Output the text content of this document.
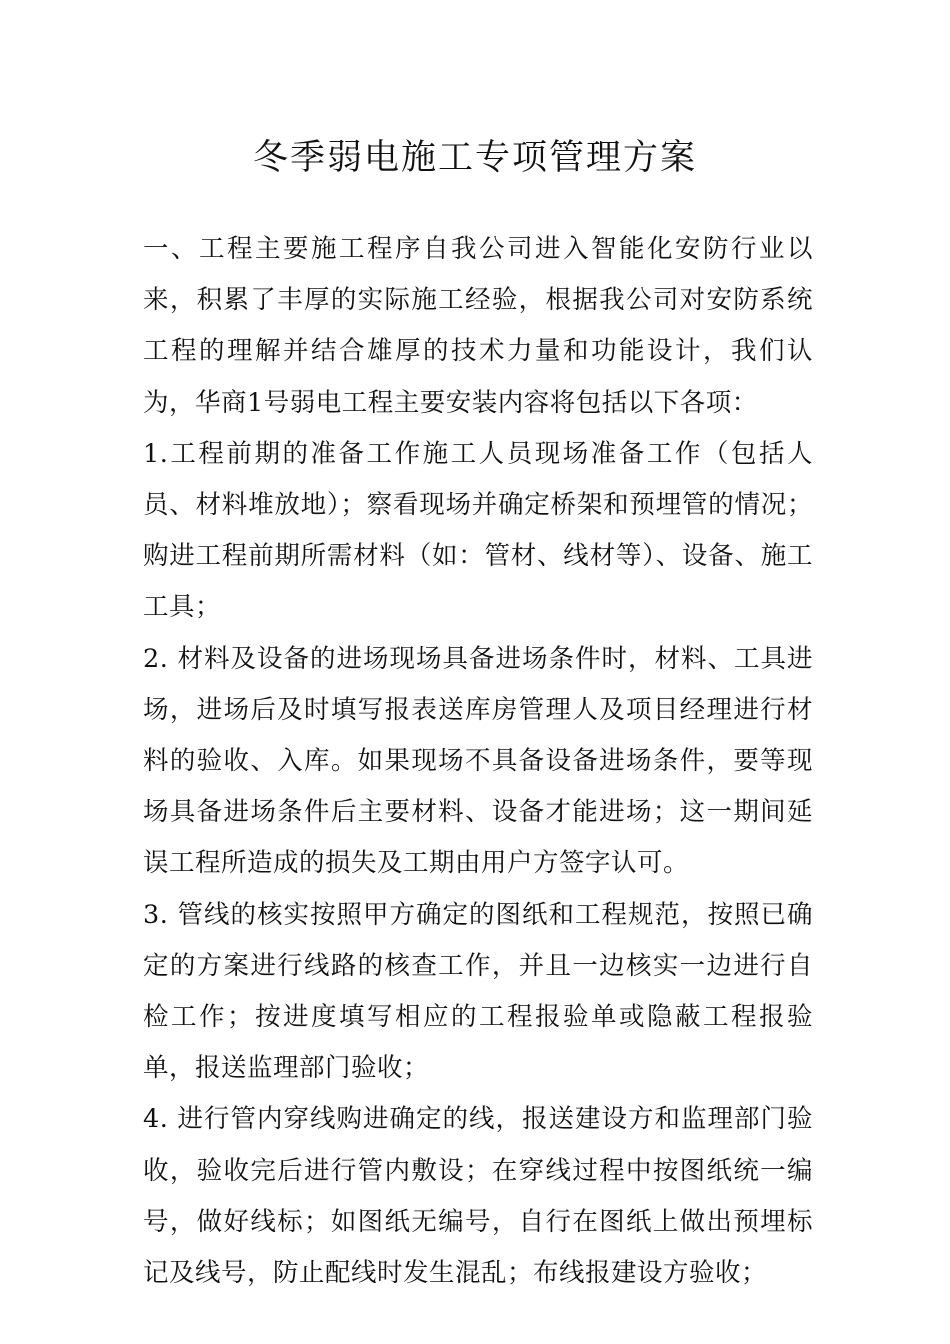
冬季弱电施工专项管理方案

一、工程主要施工程序自我公司进入智能化安防行业以来，积累了丰厚的实际施工经验，根据我公司对安防系统工程的理解并结合雄厚的技术力量和功能设计，我们认为，华商1号弱电工程主要安装内容将包括以下各项：

1.工程前期的准备工作施工人员现场准备工作（包括人员、材料堆放地）；察看现场并确定桥架和预埋管的情况；购进工程前期所需材料（如：管材、线材等）、设备、施工工具；

2. 材料及设备的进场现场具备进场条件时，材料、工具进场，进场后及时填写报表送库房管理人及项目经理进行材料的验收、入库。如果现场不具备设备进场条件，要等现场具备进场条件后主要材料、设备才能进场；这一期间延误工程所造成的损失及工期由用户方签字认可。

3. 管线的核实按照甲方确定的图纸和工程规范，按照已确定的方案进行线路的核查工作，并且一边核实一边进行自检工作；按进度填写相应的工程报验单或隐蔽工程报验单，报送监理部门验收；

4. 进行管内穿线购进确定的线，报送建设方和监理部门验收，验收完后进行管内敷设；在穿线过程中按图纸统一编号，做好线标；如图纸无编号，自行在图纸上做出预埋标记及线号，防止配线时发生混乱；布线报建设方验收；
